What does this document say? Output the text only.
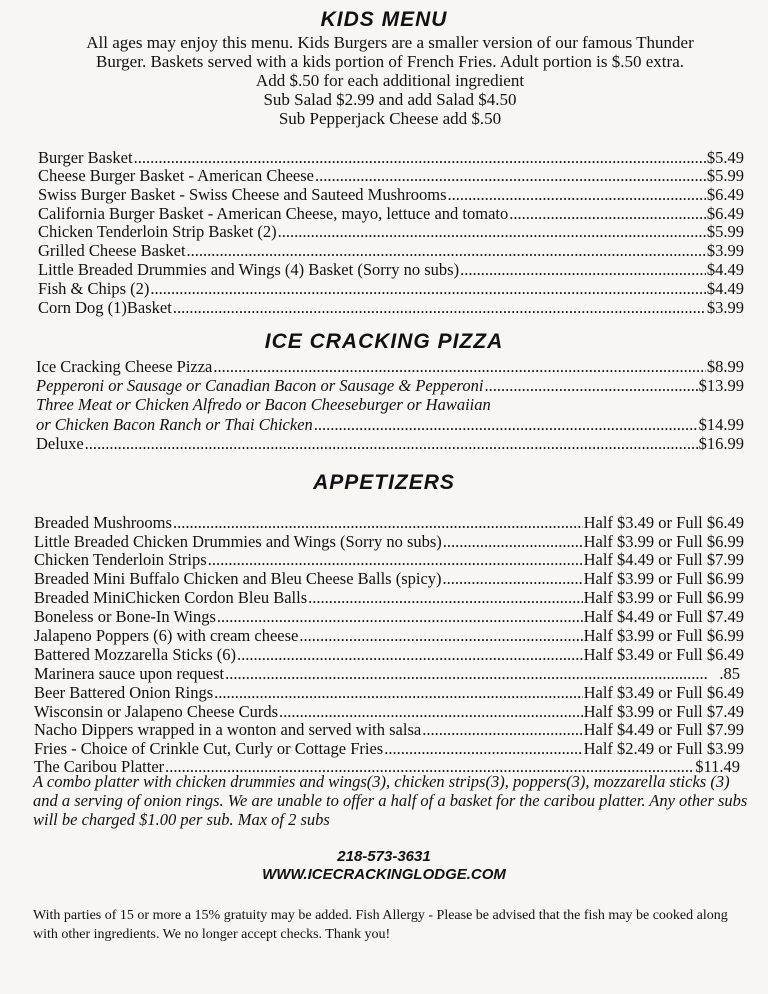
KIDS MENU
All ages may enjoy this menu. Kids Burgers are a smaller version of our famous Thunder
Burger. Baskets served with a kids portion of French Fries. Adult portion is $.50 extra.
Add $.50 for each additional ingredient
Sub Salad $2.99 and add Salad $4.50
Sub Pepperjack Cheese add $.50
Burger Basket .....	$5.49
Cheese Burger Basket - American Cheese .....	$5.99
Swiss Burger Basket - Swiss Cheese and Sauteed Mushrooms .....	$6.49
California Burger Basket - American Cheese, mayo, lettuce and tomato .....	$6.49
Chicken Tenderloin Strip Basket (2) .....	$5.99
Grilled Cheese Basket .....	$3.99
Little Breaded Drummies and Wings (4) Basket (Sorry no subs) .....	$4.49
Fish & Chips (2) .....	$4.49
Corn Dog (1)Basket .....	$3.99
ICE CRACKING PIZZA
Ice Cracking Cheese Pizza .....	$8.99
Pepperoni or Sausage or Canadian Bacon or Sausage & Pepperoni .....	$13.99
Three Meat or Chicken Alfredo or Bacon Cheeseburger or Hawaiian
or Chicken Bacon Ranch or Thai Chicken .....	$14.99
Deluxe .....	$16.99
APPETIZERS
Breaded Mushrooms .....	Half $3.49 or Full $6.49
Little Breaded Chicken Drummies and Wings (Sorry no subs) .....	Half $3.99 or Full $6.99
Chicken Tenderloin Strips .....	Half $4.49 or Full $7.99
Breaded Mini Buffalo Chicken and Bleu Cheese Balls (spicy) .....	Half $3.99 or Full $6.99
Breaded MiniChicken Cordon Bleu Balls .....	Half $3.99 or Full $6.99
Boneless or Bone-In Wings .....	Half $4.49 or Full $7.49
Jalapeno Poppers (6) with cream cheese .....	Half $3.99 or Full $6.99
Battered Mozzarella Sticks (6) .....	Half $3.49 or Full $6.49
Marinera sauce upon request .....	.85
Beer Battered Onion Rings .....	Half $3.49 or Full $6.49
Wisconsin or Jalapeno Cheese Curds .....	Half $3.99 or Full $7.49
Nacho Dippers wrapped in a wonton and served with salsa .....	Half $4.49 or Full $7.99
Fries - Choice of Crinkle Cut, Curly or Cottage Fries .....	Half $2.49 or Full $3.99
The Caribou Platter .....	$11.49
A combo platter with chicken drummies and wings(3), chicken strips(3), poppers(3), mozzarella sticks (3) and a serving of onion rings. We are unable to offer a half of a basket for the caribou platter. Any other subs will be charged $1.00 per sub. Max of 2 subs
218-573-3631
WWW.ICECRACKINGLODGE.COM
With parties of 15 or more a 15% gratuity may be added. Fish Allergy - Please be advised that the fish may be cooked along with other ingredients. We no longer accept checks. Thank you!
